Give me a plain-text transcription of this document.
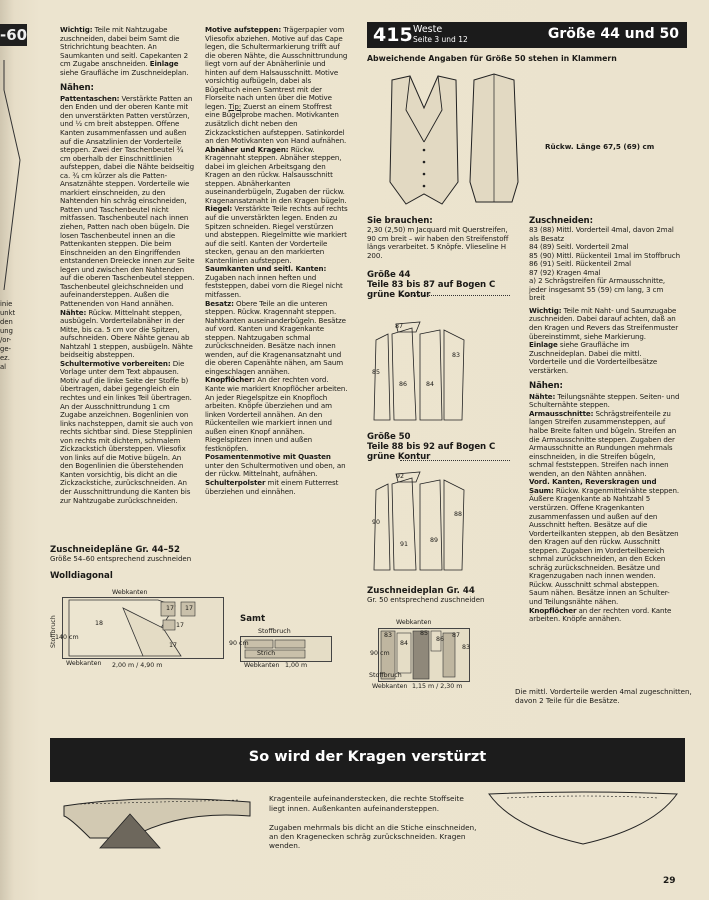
-60
inie
unkt
den
ung
/or-
ge-
ez.
al

Wichtig: Teile mit Nahtzugabe zuschneiden, dabei beim Samt die Strichrichtung beachten. An Saumkanten und seitl. Capekanten 2 cm Zugabe anschneiden. Einlage siehe Graufläche im Zuschneideplan.

Nähen:

Pattentaschen: Verstärkte Patten an den Enden und der oberen Kante mit den unverstärkten Patten verstürzen, und ½ cm breit absteppen. Offene Kanten zusammenfassen und außen auf die Ansatzlinien der Vorderteile steppen. Zwei der Taschenbeutel ¾ cm oberhalb der Einschnittlinien aufsteppen, dabei die Nähte beidseitig ca. ¾ cm kürzer als die Patten-Ansatznähte steppen. Vorderteile wie markiert einschneiden, zu den Nahtenden hin schräg einschneiden, Patten und Taschenbeutel nicht mitfassen. Taschenbeutel nach innen ziehen, Patten nach oben bügeln. Die losen Taschenbeutel innen an die Pattenkanten steppen. Die beim Einschneiden an den Eingriffenden entstandenen Dreiecke innen zur Seite legen und zwischen den Nahtenden auf die oberen Taschenbeutel steppen. Taschenbeutel gleichschneiden und aufeinandersteppen. Außen die Pattenenden von Hand annähen.

Nähte: Rückw. Mittelnaht steppen, ausbügeln. Vorderteilabnäher in der Mitte, bis ca. 5 cm vor die Spitzen, aufschneiden. Obere Nähte genau ab Nahtzahl 1 steppen, ausbügeln. Nähte beidseitig absteppen.

Schultermotive vorbereiten: Die Vorlage unter dem Text abpausen. Motiv auf die linke Seite der Stoffe b) übertragen, dabei gegengleich ein rechtes und ein linkes Teil übertragen. An der Ausschnittrundung 1 cm Zugabe anzeichnen. Bogenlinien von links nachsteppen, damit sie auch von rechts sichtbar sind. Diese Stepplinien von rechts mit dichtem, schmalem Zickzackstich übersteppen. Vliesofix von links auf die Motive bügeln. An den Bogenlinien die überstehenden Kanten vorsichtig, bis dicht an die Zickzackstiche, zurückschneiden. An der Ausschnittrundung die Kanten bis zur Nahtzugabe zurückschneiden.

Motive aufsteppen: Trägerpapier vom Vliesofix abziehen. Motive auf das Cape legen, die Schultermarkierung trifft auf die oberen Nähte, die Ausschnittrundung liegt vorn auf der Abnäherlinie und hinten auf dem Halsausschnitt. Motive vorsichtig aufbügeln, dabei als Bügeltuch einen Samtrest mit der Florseite nach unten über die Motive legen. Tip: Zuerst an einem Stoffrest eine Bügelprobe machen. Motivkanten zusätzlich dicht neben den Zickzackstichen aufsteppen. Satinkordel an den Motivkanten von Hand aufnähen.

Abnäher und Kragen: Rückw. Kragennaht steppen. Abnäher steppen, dabei im gleichen Arbeitsgang den Kragen an den rückw. Halsausschnitt steppen. Abnäherkanten auseinanderbügeln, Zugaben der rückw. Kragenansatznaht in den Kragen bügeln.

Riegel: Verstärkte Teile rechts auf rechts auf die unverstärkten legen. Enden zu Spitzen schneiden. Riegel verstürzen und absteppen. Riegelmitte wie markiert auf die seitl. Kanten der Vorderteile stecken, genau an den markierten Kantenlinien aufsteppen.

Saumkanten und seitl. Kanten: Zugaben nach innen heften und feststeppen, dabei vorn die Riegel nicht mitfassen.

Besatz: Obere Teile an die unteren steppen. Rückw. Kragennaht steppen. Nahtkanten auseinanderbügeln. Besätze auf vord. Kanten und Kragenkante steppen. Nahtzugaben schmal zurückschneiden. Besätze nach innen wenden, auf die Kragenansatznaht und die oberen Capenähte nähen, am Saum eingeschlagen annähen.

Knopflöcher: An der rechten vord. Kante wie markiert Knopflöcher arbeiten. An jeder Riegelspitze ein Knopfloch arbeiten. Knöpfe überziehen und am linken Vorderteil annähen. An den Rückenteilen wie markiert innen und außen einen Knopf annähen. Riegelspitzen innen und außen festknöpfen.

Posamentenmotive mit Quasten unter den Schultermotiven und oben, an der rückw. Mittelnaht, aufnähen.

Schulterpolster mit einem Futterrest überziehen und einnähen.

Zuschneidepläne Gr. 44–52
Größe 54–60 entsprechend zuschneiden
Wolldiagonal
18
17 17
17
17
Webkanten
Stoffbruch
140 cm
Webkanten 2,00 m / 4,90 m
Samt
Stoffbruch
Strich
90 cm
Webkanten 1,00 m
415 Weste
Seite 3 und 12	Größe 44 und 50
Abweichende Angaben für Größe 50 stehen in Klammern
Rückw. Länge 67,5 (69) cm
Sie brauchen:

2,30 (2,50) m Jacquard mit Querstreifen, 90 cm breit – wir haben den Streifenstoff längs verarbeitet. 5 Knöpfe. Vlieseline H 200.

Größe 44
Teile 83 bis 87 auf Bogen C
grüne Kontur
87
85
86	84
83
Größe 50
Teile 88 bis 92 auf Bogen C
grüne Kontur
92
90
91
89
88
Zuschneideplan Gr. 44
Gr. 50 entsprechend zuschneiden
Webkanten
83
84
85
86
87
83
90 cm
Webkanten 1,15 m / 2,30 m
Stoffbruch
Die mittl. Vorderteile werden 4mal zugeschnitten, davon 2 Teile für die Besätze.
Zuschneiden:

83 (88) Mittl. Vorderteil 4mal, davon 2mal als Besatz

84 (89) Seitl. Vorderteil 2mal

85 (90) Mittl. Rückenteil 1mal im Stoffbruch

86 (91) Seitl. Rückenteil 2mal

87 (92) Kragen 4mal

a) 2 Schrägstreifen für Armausschnitte, jeder insgesamt 55 (59) cm lang, 3 cm breit

Wichtig: Teile mit Naht- und Saumzugabe zuschneiden. Dabei darauf achten, daß an den Kragen und Revers das Streifenmuster übereinstimmt, siehe Markierung.

Einlage siehe Graufläche im Zuschneideplan. Dabei die mittl. Vorderteile und die Vorderteilbesätze verstärken.

Nähen:

Nähte: Teilungsnähte steppen. Seiten- und Schulternähte steppen.

Armausschnitte: Schrägstreifenteile zu langen Streifen zusammensteppen, auf halbe Breite falten und bügeln. Streifen an die Armausschnitte steppen. Zugaben der Armausschnitte an Rundungen mehrmals einschneiden, in die Streifen bügeln, schmal feststeppen. Streifen nach innen wenden, an den Nähten annähen.

Vord. Kanten, Reverskragen und Saum: Rückw. Kragenmittelnähte steppen. Äußere Kragenkante ab Nahtzahl 5 verstürzen. Offene Kragenkanten zusammenfassen und außen auf den Ausschnitt heften. Besätze auf die Vorderteilkanten steppen, ab den Besätzen den Kragen auf den rückw. Ausschnitt steppen. Zugaben im Vorderteilbereich schmal zurückschneiden, an den Ecken schräg zurückschneiden. Besätze und Kragenzugaben nach innen wenden. Rückw. Ausschnitt schmal absteppen. Saum nähen. Besätze innen an Schulter- und Teilungsnähte nähen.

Knopflöcher an der rechten vord. Kante arbeiten. Knöpfe annähen.

So wird der Kragen verstürzt

Kragenteile aufeinanderstecken, die rechte Stoffseite liegt innen. Außenkanten aufeinandersteppen.

Zugaben mehrmals bis dicht an die Stiche einschneiden, an den Kragenecken schräg zurückschneiden. Kragen wenden.

29
